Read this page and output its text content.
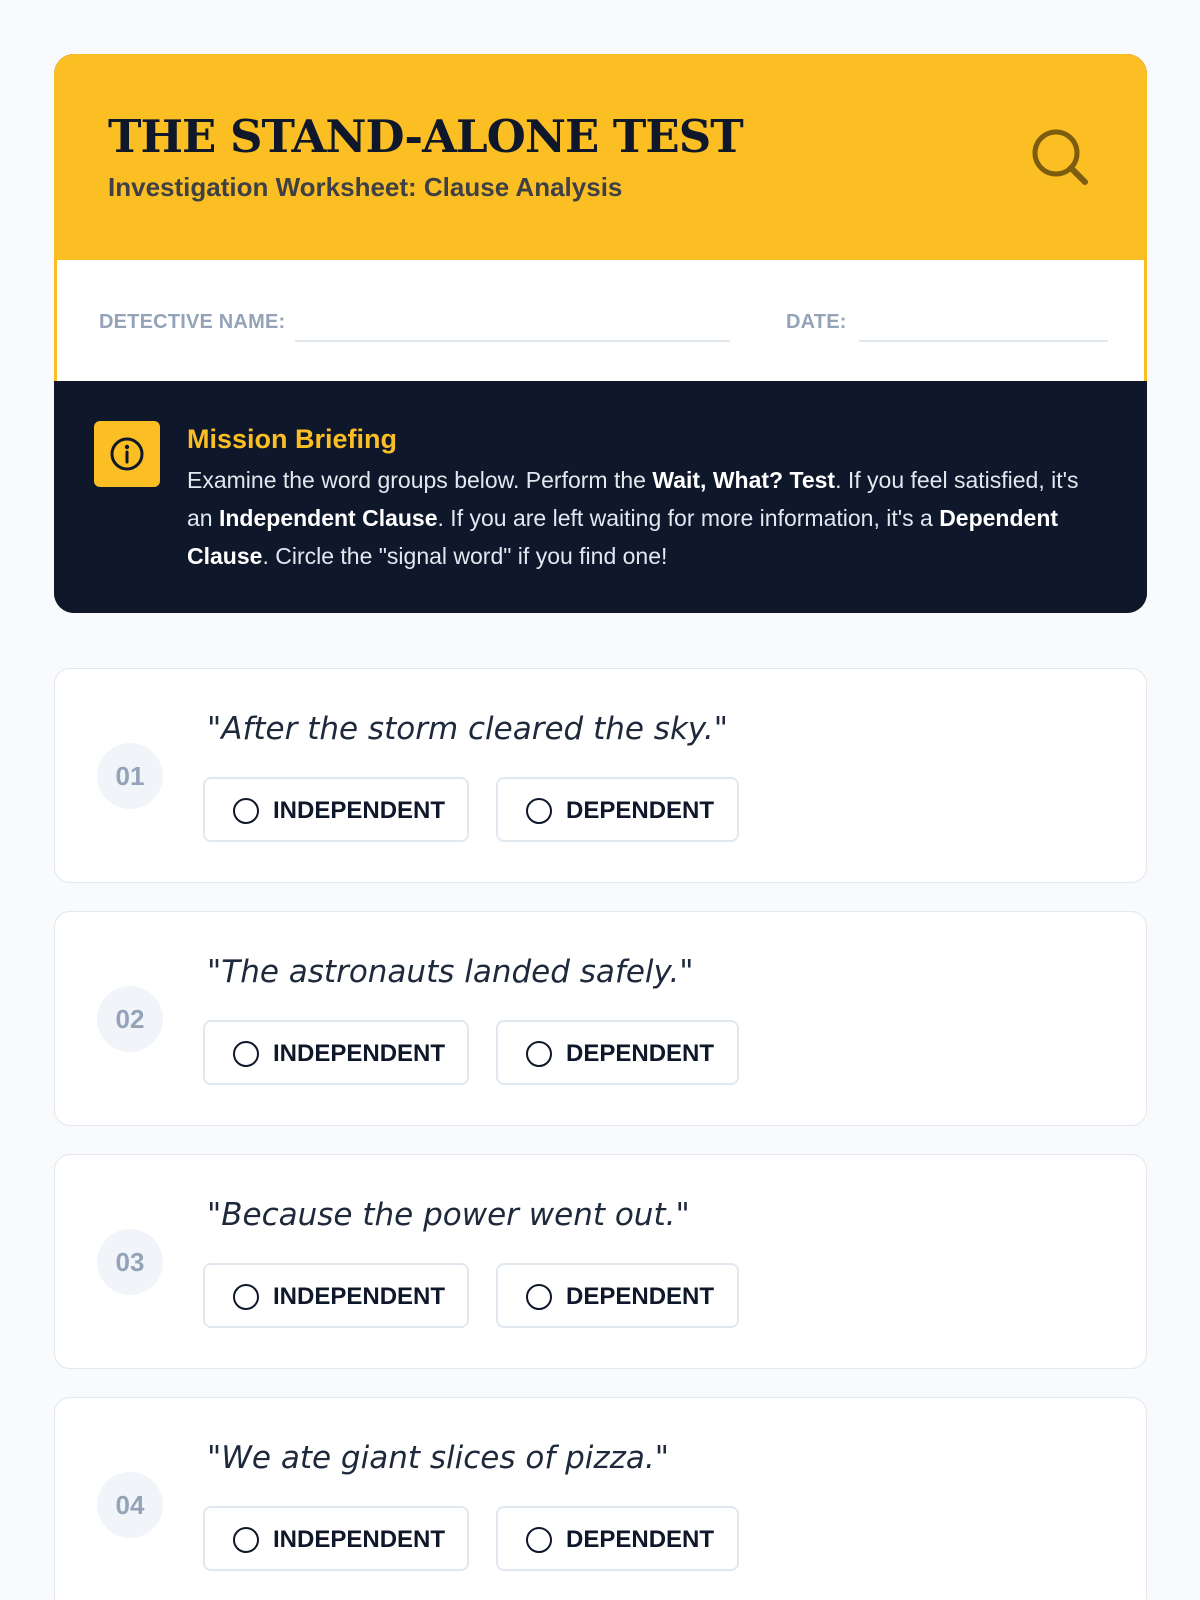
THE STAND-ALONE TEST
Investigation Worksheet: Clause Analysis
DETECTIVE NAME:	DATE:
Mission Briefing
Examine the word groups below. Perform the Wait, What? Test. If you feel satisfied, it's an Independent Clause. If you are left waiting for more information, it's a Dependent Clause. Circle the "signal word" if you find one!
01
"After the storm cleared the sky."
INDEPENDENT	DEPENDENT
02
"The astronauts landed safely."
INDEPENDENT	DEPENDENT
03
"Because the power went out."
INDEPENDENT	DEPENDENT
04
"We ate giant slices of pizza."
INDEPENDENT	DEPENDENT
